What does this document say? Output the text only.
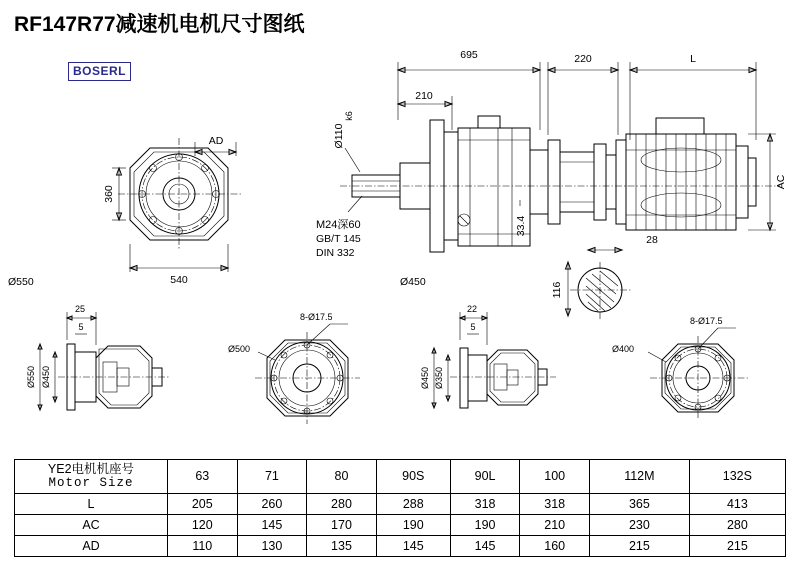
RF147R77减速机电机尺寸图纸
BOSERL
695	220	L
210
Ø110
k6
AC
33.4
M24深60
GB/T 145
DIN 332
Ø550	Ø450
28
116
AD
360
540
25
5
Ø550 Ø450
8-Ø17.5
Ø500
22
5
Ø450 Ø350
8-Ø17.5
Ø400
YE2电机机座号
Motor Size	63	71	80	90S	90L	100	112M	132S
L	205	260	280	288	318	318	365	413
AC	120	145	170	190	190	210	230	280
AD	110	130	135	145	145	160	215	215
